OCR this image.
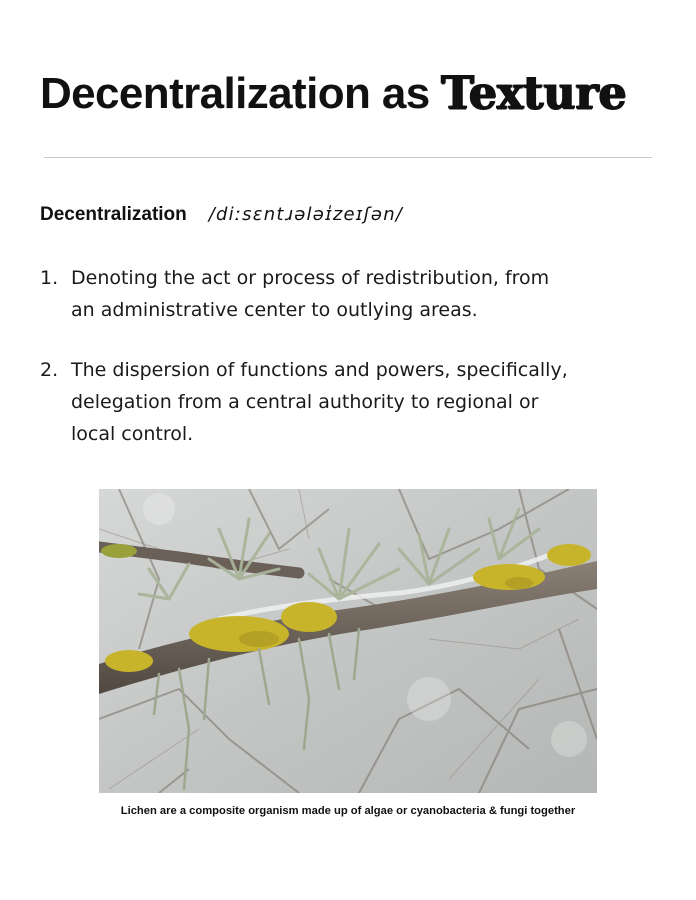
Decentralization as Texture
Decentralization /diːsɛntɹələɪ̍zeɪʃən/
1. Denoting the act or process of redistribution, from an administrative center to outlying areas.
2. The dispersion of functions and powers, specifically, delegation from a central authority to regional or local control.
Lichen are a composite organism made up of algae or cyanobacteria & fungi together
